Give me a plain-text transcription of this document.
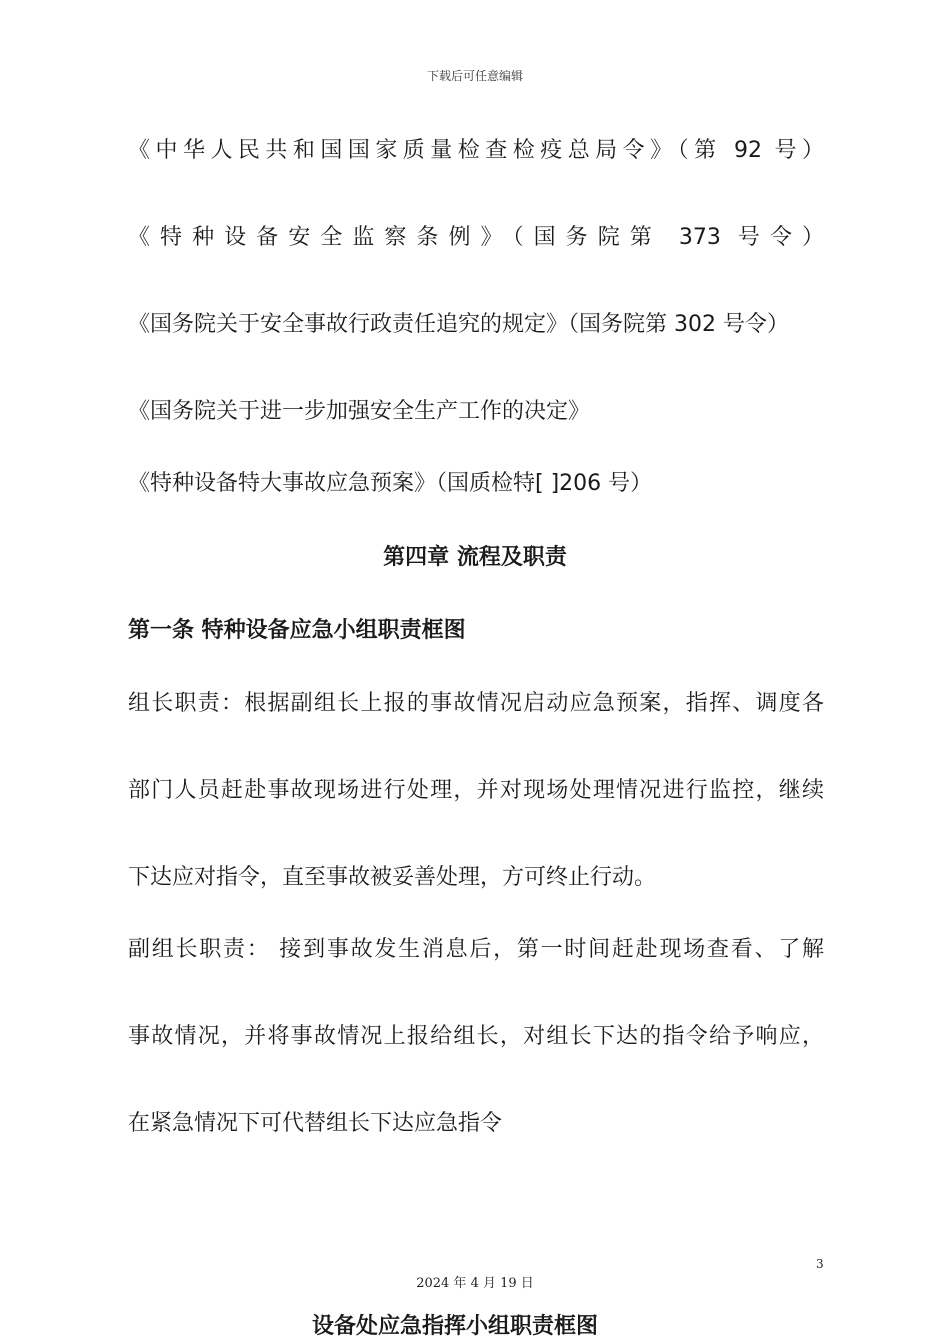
下载后可任意编辑
《中华人民共和国国家质量检查检疫总局令》（第 92 号）
《特种设备安全监察条例》（国务院第 373 号令）
《国务院关于安全事故行政责任追究的规定》（国务院第 302 号令）
《国务院关于进一步加强安全生产工作的决定》
《特种设备特大事故应急预案》（国质检特[ ]206 号）
第四章 流程及职责
第一条 特种设备应急小组职责框图
组长职责：根据副组长上报的事故情况启动应急预案，指挥、调度各
部门人员赶赴事故现场进行处理，并对现场处理情况进行监控，继续
下达应对指令，直至事故被妥善处理，方可终止行动。
副组长职责： 接到事故发生消息后，第一时间赶赴现场查看、了解
事故情况，并将事故情况上报给组长，对组长下达的指令给予响应，
在紧急情况下可代替组长下达应急指令
3
2024 年 4 月 19 日
设备处应急指挥小组职责框图
